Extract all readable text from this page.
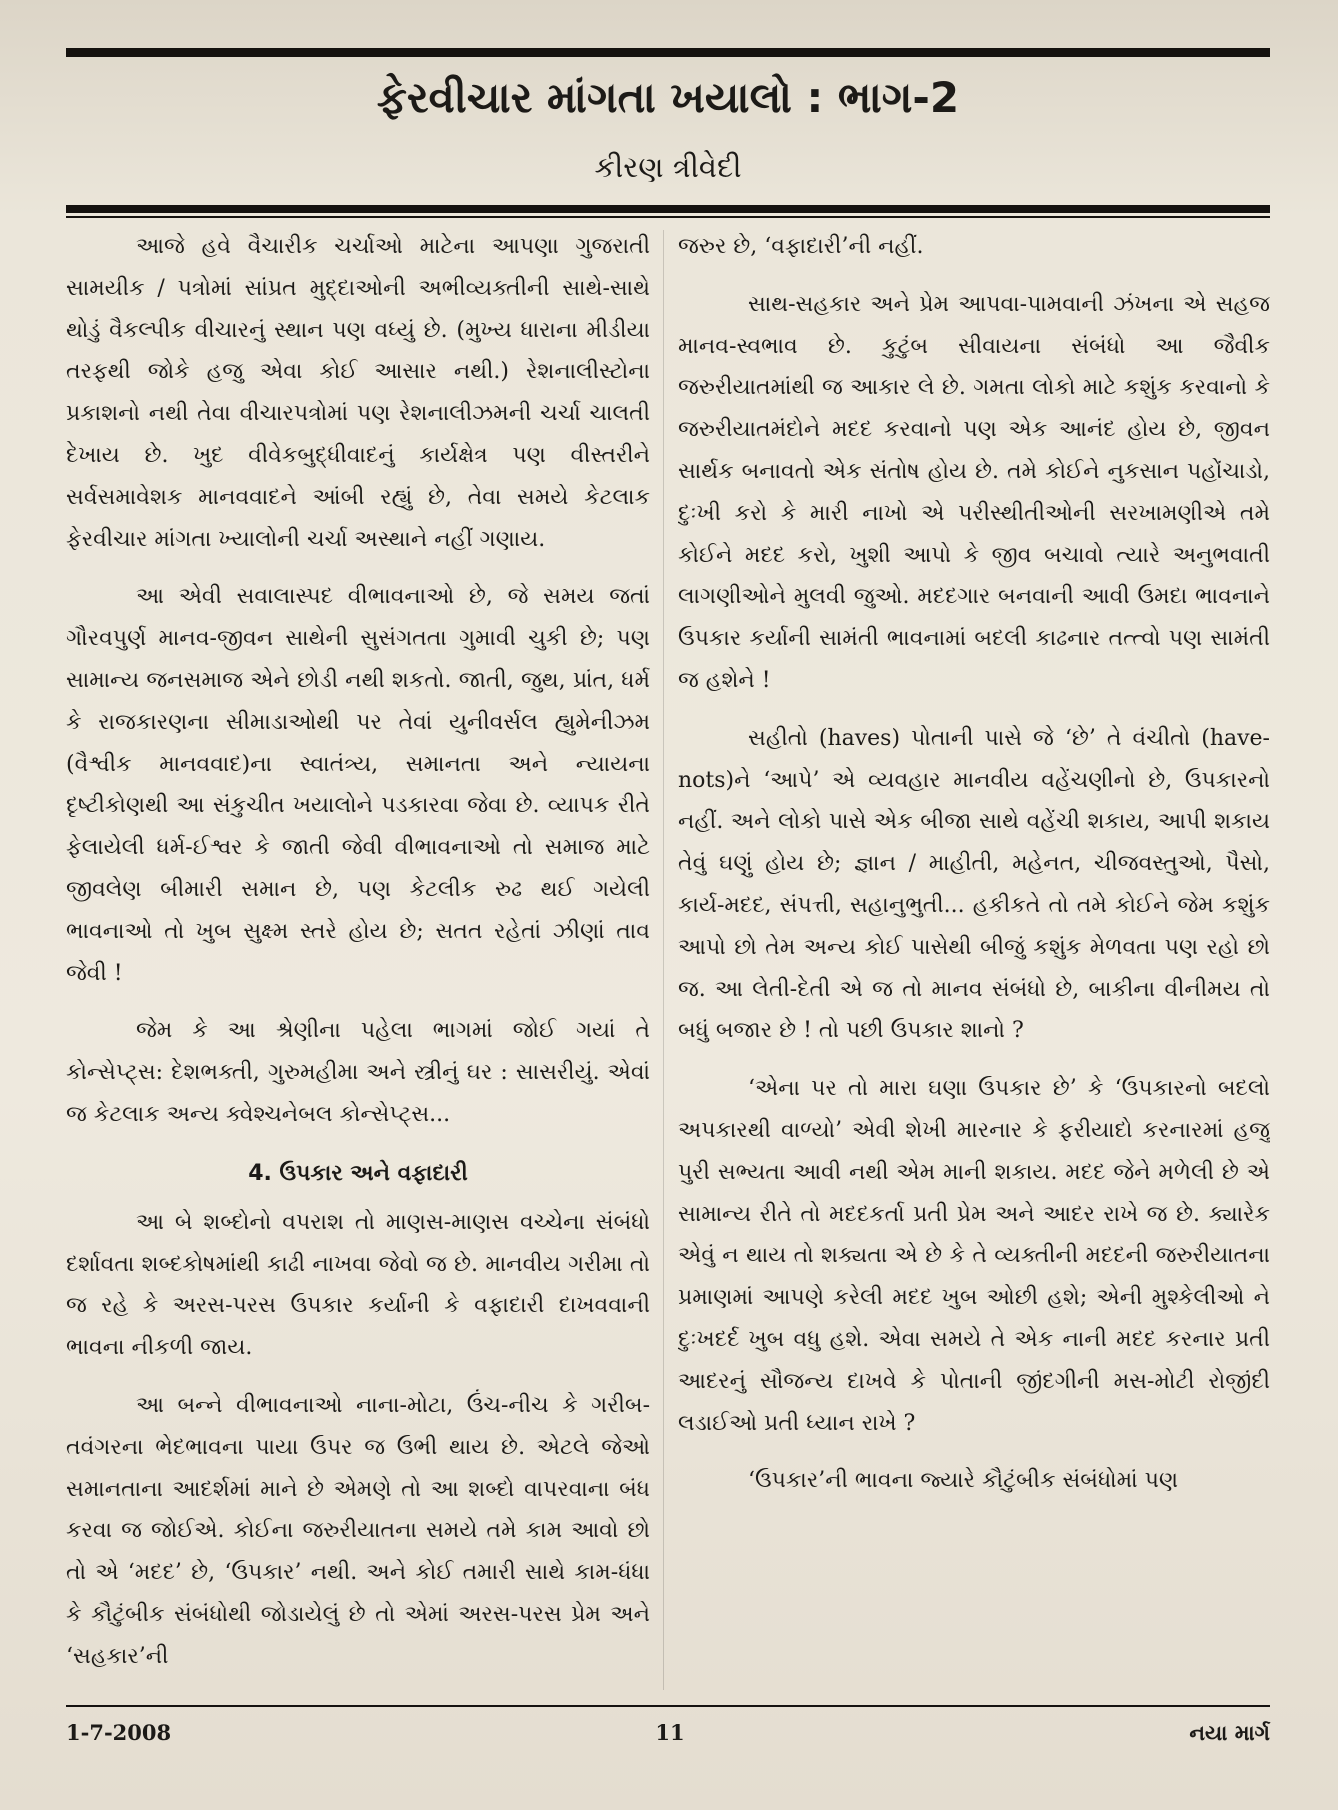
ફેરવીચાર માંગતા ખયાલો : ભાગ-2
કીરણ ત્રીવેદી

આજે હવે વૈચારીક ચર્ચાઓ માટેના આપણા ગુજરાતી સામયીક / પત્રોમાં સાંપ્રત મુદ્દાઓની અભીવ્યક્તીની સાથે-સાથે થોડું વૈકલ્પીક વીચારનું સ્થાન પણ વધ્યું છે. (મુખ્ય ધારાના મીડીયા તરફથી જોકે હજુ એવા કોઈ આસાર નથી.) રેશનાલીસ્ટોના પ્રકાશનો નથી તેવા વીચારપત્રોમાં પણ રેશનાલીઝમની ચર્ચા ચાલતી દેખાય છે. ખુદ વીવેકબુદ્ધીવાદનું કાર્યક્ષેત્ર પણ વીસ્તરીને સર્વસમાવેશક માનવવાદને આંબી રહ્યું છે, તેવા સમયે કેટલાક ફેરવીચાર માંગતા ખ્યાલોની ચર્ચા અસ્થાને નહીં ગણાય.

આ એવી સવાલાસ્પદ વીભાવનાઓ છે, જે સમય જતાં ગૌરવપુર્ણ માનવ-જીવન સાથેની સુસંગતતા ગુમાવી ચુકી છે; પણ સામાન્ય જનસમાજ એને છોડી નથી શકતો. જાતી, જુથ, પ્રાંત, ધર્મ કે રાજકારણના સીમાડાઓથી પર તેવાં યુનીવર્સલ હ્યુમેનીઝમ (વૈશ્વીક માનવવાદ)ના સ્વાતંત્ર્ય, સમાનતા અને ન્યાયના દૃષ્ટીકોણથી આ સંકુચીત ખયાલોને પડકારવા જેવા છે. વ્યાપક રીતે ફેલાયેલી ધર્મ-ઈશ્વર કે જાતી જેવી વીભાવનાઓ તો સમાજ માટે જીવલેણ બીમારી સમાન છે, પણ કેટલીક રુઢ થઈ ગયેલી ભાવનાઓ તો ખુબ સુક્ષ્મ સ્તરે હોય છે; સતત રહેતાં ઝીણાં તાવ જેવી !

જેમ કે આ શ્રેણીના પહેલા ભાગમાં જોઈ ગયાં તે કોન્સેપ્ટ્સ: દેશભક્તી, ગુરુમહીમા અને સ્ત્રીનું ઘર : સાસરીયું. એવાં જ કેટલાક અન્ય ક્વેશ્ચનેબલ કોન્સેપ્ટ્સ...

4. ઉપકાર અને વફાદારી

આ બે શબ્દોનો વપરાશ તો માણસ-માણસ વચ્ચેના સંબંધો દર્શાવતા શબ્દકોષમાંથી કાઢી નાખવા જેવો જ છે. માનવીય ગરીમા તો જ રહે કે અરસ-પરસ ઉપકાર કર્યાની કે વફાદારી દાખવવાની ભાવના નીકળી જાય.

આ બન્ને વીભાવનાઓ નાના-મોટા, ઉંચ-નીચ કે ગરીબ-તવંગરના ભેદભાવના પાયા ઉપર જ ઉભી થાય છે. એટલે જેઓ સમાનતાના આદર્શમાં માને છે એમણે તો આ શબ્દો વાપરવાના બંધ કરવા જ જોઈએ. કોઈના જરુરીયાતના સમયે તમે કામ આવો છો તો એ ‘મદદ’ છે, ‘ઉપકાર’ નથી. અને કોઈ તમારી સાથે કામ-ધંધા કે કૌટુંબીક સંબંધોથી જોડાયેલું છે તો એમાં અરસ-પરસ પ્રેમ અને ‘સહકાર’ની

જરુર છે, ‘વફાદારી’ની નહીં.

સાથ-સહકાર અને પ્રેમ આપવા-પામવાની ઝંખના એ સહજ માનવ-સ્વભાવ છે. કુટુંબ સીવાયના સંબંધો આ જૈવીક જરુરીયાતમાંથી જ આકાર લે છે. ગમતા લોકો માટે કશુંક કરવાનો કે જરુરીયાતમંદોને મદદ કરવાનો પણ એક આનંદ હોય છે, જીવન સાર્થક બનાવતો એક સંતોષ હોય છે. તમે કોઈને નુકસાન પહોંચાડો, દુઃખી કરો કે મારી નાખો એ પરીસ્થીતીઓની સરખામણીએ તમે કોઈને મદદ કરો, ખુશી આપો કે જીવ બચાવો ત્યારે અનુભવાતી લાગણીઓને મુલવી જુઓ. મદદગાર બનવાની આવી ઉમદા ભાવનાને ઉપકાર કર્યાની સામંતી ભાવનામાં બદલી કાઢનાર તત્ત્વો પણ સામંતી જ હશેને !

સહીતો (haves) પોતાની પાસે જે ‘છે’ તે વંચીતો (have-nots)ને ‘આપે’ એ વ્યવહાર માનવીય વહેંચણીનો છે, ઉપકારનો નહીં. અને લોકો પાસે એક બીજા સાથે વહેંચી શકાય, આપી શકાય તેવું ઘણું હોય છે; જ્ઞાન / માહીતી, મહેનત, ચીજવસ્તુઓ, પૈસો, કાર્ય-મદદ, સંપત્તી, સહાનુભુતી... હકીકતે તો તમે કોઈને જેમ કશુંક આપો છો તેમ અન્ય કોઈ પાસેથી બીજું કશુંક મેળવતા પણ રહો છો જ. આ લેતી-દેતી એ જ તો માનવ સંબંધો છે, બાકીના વીનીમય તો બધું બજાર છે ! તો પછી ઉપકાર શાનો ?

‘એના પર તો મારા ઘણા ઉપકાર છે’ કે ‘ઉપકારનો બદલો અપકારથી વાળ્યો’ એવી શેખી મારનાર કે ફરીયાદો કરનારમાં હજુ પુરી સભ્યતા આવી નથી એમ માની શકાય. મદદ જેને મળેલી છે એ સામાન્ય રીતે તો મદદકર્તા પ્રતી પ્રેમ અને આદર રાખે જ છે. ક્યારેક એવું ન થાય તો શક્યતા એ છે કે તે વ્યક્તીની મદદની જરુરીયાતના પ્રમાણમાં આપણે કરેલી મદદ ખુબ ઓછી હશે; એની મુશ્કેલીઓ ને દુઃખદર્દ ખુબ વધુ હશે. એવા સમયે તે એક નાની મદદ કરનાર પ્રતી આદરનું સૌજન્ય દાખવે કે પોતાની જીંદગીની મસ-મોટી રોજીંદી લડાઈઓ પ્રતી ધ્યાન રાખે ?

‘ઉપકાર’ની ભાવના જ્યારે કૌટુંબીક સંબંધોમાં પણ

1-7-2008	11	નયા માર્ગ
